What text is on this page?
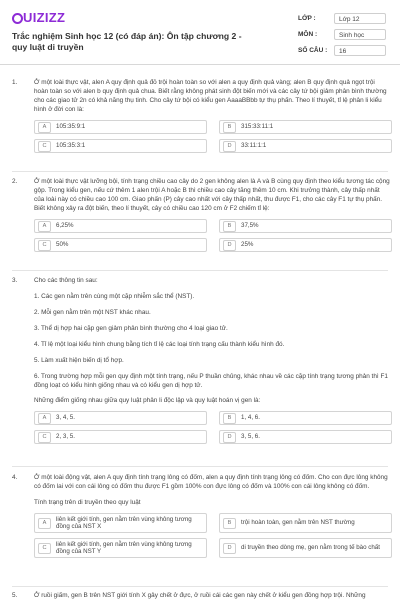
UIZIZZ
Trắc nghiệm Sinh học 12 (có đáp án): Ôn tập chương 2 - quy luật di truyền
LỚP :	Lớp 12
MÔN :	Sinh học
SỐ CÂU :	16
1.	Ở một loài thực vật, alen A quy định quả đỏ trội hoàn toàn so với alen a quy định quả vàng; alen B quy định quả ngọt trội hoàn toàn so với alen b quy định quả chua. Biết rằng không phát sinh đột biến mới và các cây tứ bội giảm phân bình thường cho các giao tử 2n có khả năng thụ tinh. Cho cây tứ bội có kiểu gen AaaaBBbb tự thụ phấn. Theo lí thuyết, tỉ lệ phân li kiểu hình ở đời con là:
A	105:35:9:1	B	315:33:11:1
C	105:35:3:1	D	33:11:1:1
2.	Ở một loài thực vật lưỡng bội, tính trạng chiều cao cây do 2 gen không alen là A và B cùng quy định theo kiểu tương tác cộng gộp. Trong kiểu gen, nếu cứ thêm 1 alen trội A hoặc B thì chiều cao cây tăng thêm 10 cm. Khi trưởng thành, cây thấp nhất của loài này có chiều cao 100 cm. Giao phấn (P) cây cao nhất với cây thấp nhất, thu được F1, cho các cây F1 tự thụ phấn. Biết không xảy ra đột biến, theo lí thuyết, cây có chiều cao 120 cm ở F2 chiếm tỉ lệ:
A	6,25%	B	37,5%
C	50%	D	25%
3.	Cho các thông tin sau:
1. Các gen nằm trên cùng một cặp nhiễm sắc thể (NST).
2. Mỗi gen nằm trên một NST khác nhau.
3. Thể dị hợp hai cặp gen giảm phân bình thường cho 4 loại giao tử.
4. Tỉ lệ một loại kiểu hình chung bằng tích tỉ lệ các loại tính trạng cấu thành kiểu hình đó.
5. Làm xuất hiện biến dị tổ hợp.
6. Trong trường hợp mỗi gen quy định một tính trạng, nếu P thuần chủng, khác nhau về các cặp tính trạng tương phản thì F1 đồng loạt có kiểu hình giống nhau và có kiểu gen dị hợp tử.
Những điểm giống nhau giữa quy luật phân li độc lập và quy luật hoán vị gen là:
A	3, 4, 5.	B	1, 4, 6.
C	2, 3, 5.	D	3, 5, 6.
4.	Ở một loài động vật, alen A quy định tính trạng lông có đốm, alen a quy định tính trạng lông có đốm. Cho con đực lông không có đốm lai với con cái lông có đốm thu được F1 gồm 100% con đực lông có đốm và 100% con cái lông không có đốm.
Tính trạng trên di truyền theo quy luật
A	liên kết giới tính, gen nằm trên vùng không tương đồng của NST X
B	trội hoàn toàn, gen nằm trên NST thường
C	liên kết giới tính, gen nằm trên vùng không tương đồng của NST Y
D	di truyền theo dòng mẹ, gen nằm trong tế bào chất
5.	Ở ruồi giấm, gen B trên NST giới tính X gây chết ở đực, ở ruồi cái các gen này chết ở kiểu gen đồng hợp trội. Những
